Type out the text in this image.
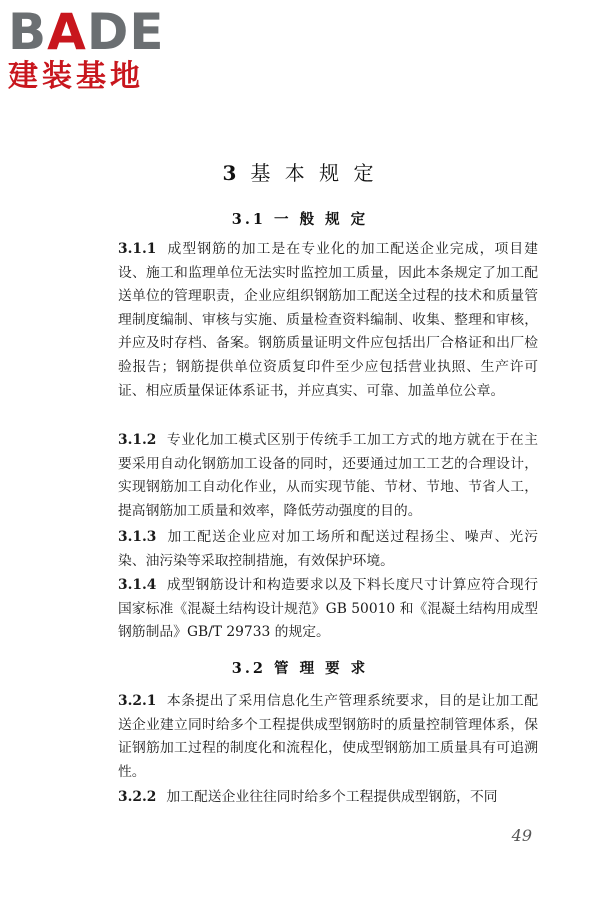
BADE
建装基地
3 基 本 规 定
3.1 一 般 规 定
3.1.1 成型钢筋的加工是在专业化的加工配送企业完成，项目建设、施工和监理单位无法实时监控加工质量，因此本条规定了加工配送单位的管理职责，企业应组织钢筋加工配送全过程的技术和质量管理制度编制、审核与实施、质量检查资料编制、收集、整理和审核，并应及时存档、备案。钢筋质量证明文件应包括出厂合格证和出厂检验报告；钢筋提供单位资质复印件至少应包括营业执照、生产许可证、相应质量保证体系证书，并应真实、可靠、加盖单位公章。
3.1.2 专业化加工模式区别于传统手工加工方式的地方就在于在主要采用自动化钢筋加工设备的同时，还要通过加工工艺的合理设计，实现钢筋加工自动化作业，从而实现节能、节材、节地、节省人工，提高钢筋加工质量和效率，降低劳动强度的目的。
3.1.3 加工配送企业应对加工场所和配送过程扬尘、噪声、光污染、油污染等采取控制措施，有效保护环境。
3.1.4 成型钢筋设计和构造要求以及下料长度尺寸计算应符合现行国家标准《混凝土结构设计规范》GB 50010 和《混凝土结构用成型钢筋制品》GB/T 29733 的规定。
3.2 管 理 要 求
3.2.1 本条提出了采用信息化生产管理系统要求，目的是让加工配送企业建立同时给多个工程提供成型钢筋时的质量控制管理体系，保证钢筋加工过程的制度化和流程化，使成型钢筋加工质量具有可追溯性。
3.2.2 加工配送企业往往同时给多个工程提供成型钢筋，不同
49
